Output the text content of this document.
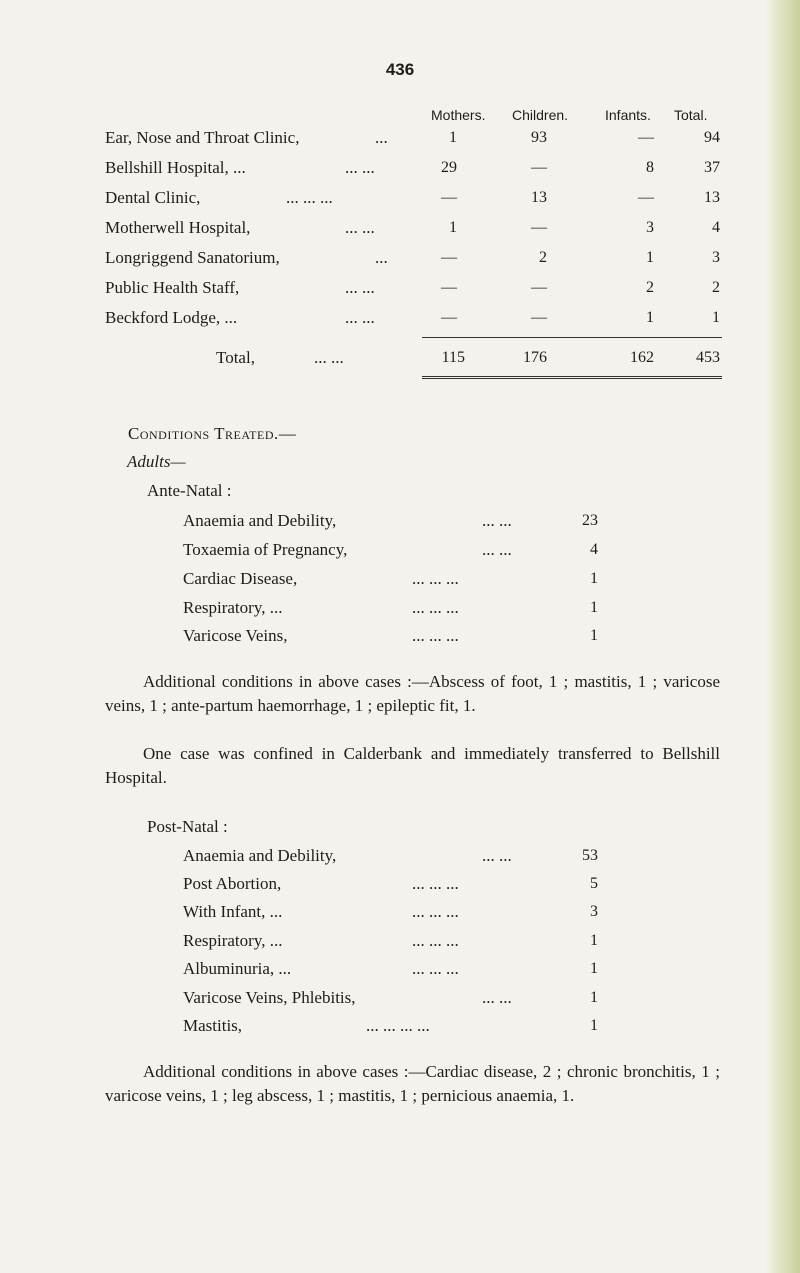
436
Mothers. Children.	Infants. Total.
Ear, Nose and Throat Clinic,	...	1	93	—	94
Bellshill Hospital, ...	... ...	29	—	8	37
Dental Clinic,	... ... ...	—	13	—	13
Motherwell Hospital,	... ...	1	—	3	4
Longriggend Sanatorium,	...	—	2	1	3
Public Health Staff,	... ...	—	—	2	2
Beckford Lodge, ...	... ...	—	—	1	1
Total,	... ...	115	176	162	453
Conditions Treated.—
Adults—
Ante-Natal :
Anaemia and Debility,	... ...	23
Toxaemia of Pregnancy,	... ...	4
Cardiac Disease,	... ... ...	1
Respiratory, ...	... ... ...	1
Varicose Veins,	... ... ...	1
Additional conditions in above cases :—Abscess of foot, 1 ; mastitis, 1 ; varicose veins, 1 ; ante-partum haemorrhage, 1 ; epileptic fit, 1.
One case was confined in Calderbank and immediately transferred to Bellshill Hospital.
Post-Natal :
Anaemia and Debility,	... ...	53
Post Abortion,	... ... ...	5
With Infant, ...	... ... ...	3
Respiratory, ...	... ... ...	1
Albuminuria, ...	... ... ...	1
Varicose Veins, Phlebitis,	... ...	1
Mastitis,	... ... ... ...	1
Additional conditions in above cases :—Cardiac disease, 2 ; chronic bronchitis, 1 ; varicose veins, 1 ; leg abscess, 1 ; mastitis, 1 ; pernicious anaemia, 1.
